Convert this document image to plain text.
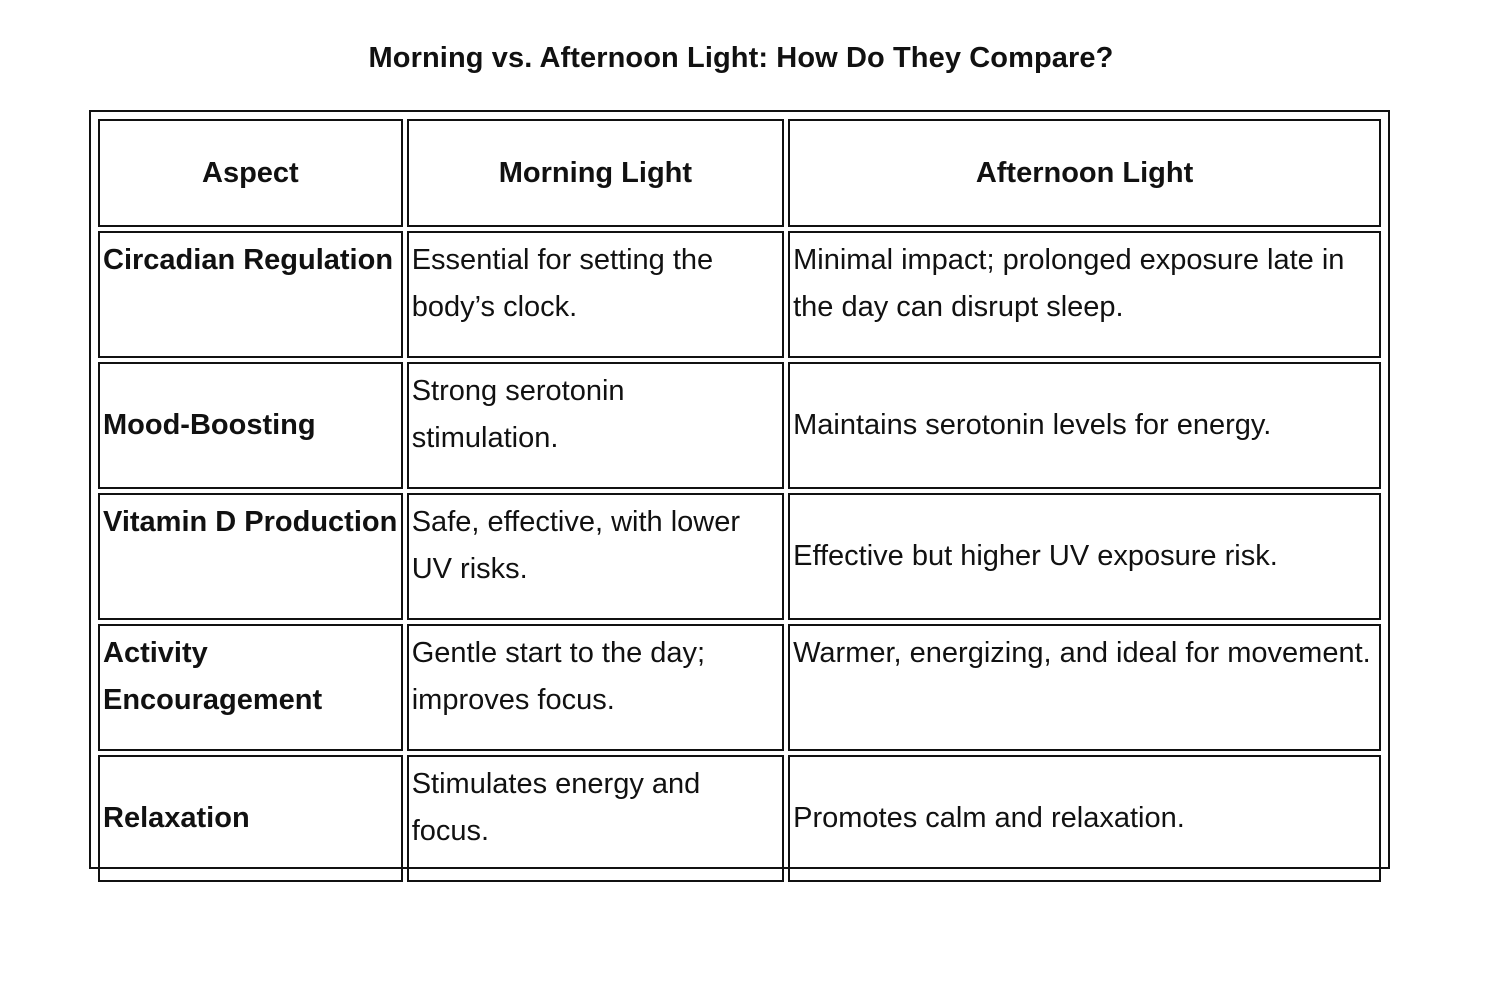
Morning vs. Afternoon Light: How Do They Compare?
Aspect	Morning Light	Afternoon Light
Circadian Regulation	Essential for setting the body’s clock.	Minimal impact; prolonged exposure late in the day can disrupt sleep.
Mood-Boosting	Strong serotonin stimulation.	Maintains serotonin levels for energy.
Vitamin D Production	Safe, effective, with lower UV risks.	Effective but higher UV exposure risk.
Activity Encouragement	Gentle start to the day; improves focus.	Warmer, energizing, and ideal for movement.
Relaxation	Stimulates energy and focus.	Promotes calm and relaxation.
